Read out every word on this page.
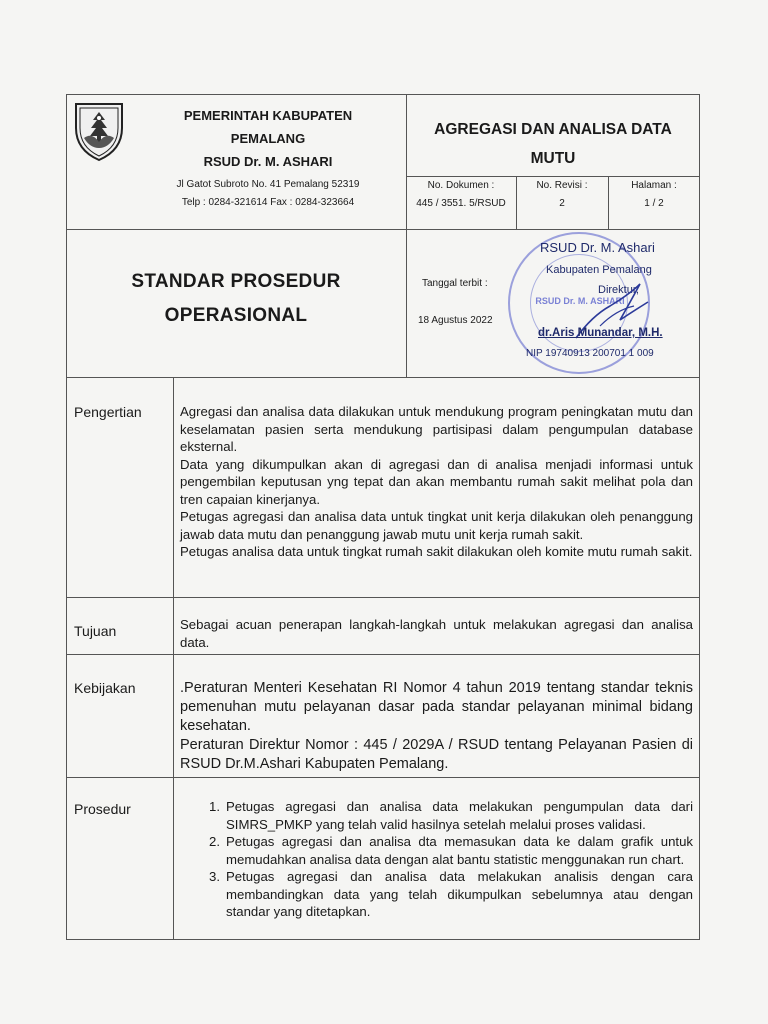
PEMERINTAH KABUPATEN
PEMALANG
RSUD Dr. M. ASHARI
Jl Gatot Subroto No. 41 Pemalang 52319
Telp : 0284-321614 Fax : 0284-323664
AGREGASI DAN ANALISA DATA
MUTU
No. Dokumen :
445 / 3551. 5/RSUD
No. Revisi :
2
Halaman :
1 / 2
STANDAR PROSEDUR
OPERASIONAL
Tanggal terbit :
18 Agustus 2022
RSUD Dr. M. ASHARI
RSUD Dr. M. Ashari
Kabupaten Pemalang
Direktur,
dr.Aris Munandar, M.H.
NIP 19740913 200701 1 009
Pengertian	Agregasi dan analisa data dilakukan untuk mendukung program peningkatan mutu dan keselamatan pasien serta mendukung partisipasi dalam pengumpulan database eksternal.
Data yang dikumpulkan akan di agregasi dan di analisa menjadi informasi untuk pengembilan keputusan yng tepat dan akan membantu rumah sakit melihat pola dan tren capaian kinerjanya.
Petugas agregasi dan analisa data untuk tingkat unit kerja dilakukan oleh penanggung jawab data mutu dan penanggung jawab mutu unit kerja rumah sakit.
Petugas analisa data untuk tingkat rumah sakit dilakukan oleh komite mutu rumah sakit.
Tujuan	Sebagai acuan penerapan langkah-langkah untuk melakukan agregasi dan analisa data.
Kebijakan	.Peraturan Menteri Kesehatan RI Nomor 4 tahun 2019 tentang standar teknis pemenuhan mutu pelayanan dasar pada standar pelayanan minimal bidang kesehatan.
Peraturan Direktur Nomor : 445 / 2029A / RSUD tentang Pelayanan Pasien di RSUD Dr.M.Ashari Kabupaten Pemalang.
Prosedur	1. Petugas agregasi dan analisa data melakukan pengumpulan data dari SIMRS_PMKP yang telah valid hasilnya setelah melalui proses validasi.
2. Petugas agregasi dan analisa dta memasukan data ke dalam grafik untuk memudahkan analisa data dengan alat bantu statistic menggunakan run chart.
3. Petugas agregasi dan analisa data melakukan analisis dengan cara membandingkan data yang telah dikumpulkan sebelumnya atau dengan standar yang ditetapkan.
